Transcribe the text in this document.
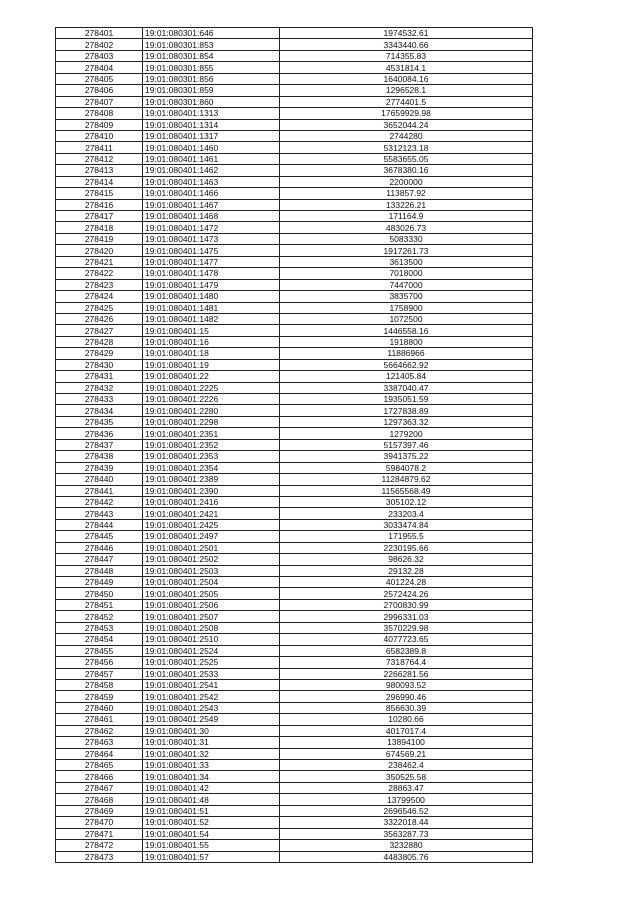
278401	19:01:080301:646	1974532.61
278402	19:01:080301:853	3343440.66
278403	19:01:080301:854	714355.83
278404	19:01:080301:855	4531814.1
278405	19:01:080301:856	1640084.16
278406	19:01:080301:859	1296528.1
278407	19:01:080301:860	2774401.5
278408	19:01:080401:1313	17659929.98
278409	19:01:080401:1314	3652044.24
278410	19:01:080401:1317	2744280
278411	19:01:080401:1460	5312123.18
278412	19:01:080401:1461	5583655.05
278413	19:01:080401:1462	3678380.16
278414	19:01:080401:1463	2200000
278415	19:01:080401:1466	113857.92
278416	19:01:080401:1467	133226.21
278417	19:01:080401:1468	171164.9
278418	19:01:080401:1472	483026.73
278419	19:01:080401:1473	5083330
278420	19:01:080401:1475	1917261.73
278421	19:01:080401:1477	3613500
278422	19:01:080401:1478	7018000
278423	19:01:080401:1479	7447000
278424	19:01:080401:1480	3835700
278425	19:01:080401:1481	1758900
278426	19:01:080401:1482	1072500
278427	19:01:080401:15	1446558.16
278428	19:01:080401:16	1918800
278429	19:01:080401:18	11886966
278430	19:01:080401:19	5664662.92
278431	19:01:080401:22	121405.84
278432	19:01:080401:2225	3387040.47
278433	19:01:080401:2226	1935051.59
278434	19:01:080401:2280	1727838.89
278435	19:01:080401:2298	1297363.32
278436	19:01:080401:2351	1279200
278437	19:01:080401:2352	5157397.46
278438	19:01:080401:2353	3941375.22
278439	19:01:080401:2354	5984078.2
278440	19:01:080401:2389	11284879.62
278441	19:01:080401:2390	11565568.49
278442	19:01:080401:2416	305102.12
278443	19:01:080401:2421	233203.4
278444	19:01:080401:2425	3033474.84
278445	19:01:080401:2497	171955.5
278446	19:01:080401:2501	2230195.66
278447	19:01:080401:2502	98626.32
278448	19:01:080401:2503	29132.28
278449	19:01:080401:2504	401224.28
278450	19:01:080401:2505	2572424.26
278451	19:01:080401:2506	2700830.99
278452	19:01:080401:2507	2996331.03
278453	19:01:080401:2508	3570229.98
278454	19:01:080401:2510	4077723.65
278455	19:01:080401:2524	6582389.8
278456	19:01:080401:2525	7318764.4
278457	19:01:080401:2533	2266281.56
278458	19:01:080401:2541	980093.52
278459	19:01:080401:2542	296990.46
278460	19:01:080401:2543	856630.39
278461	19:01:080401:2549	10280.66
278462	19:01:080401:30	4017017.4
278463	19:01:080401:31	13894100
278464	19:01:080401:32	674569.21
278465	19:01:080401:33	238462.4
278466	19:01:080401:34	350525.58
278467	19:01:080401:42	28863.47
278468	19:01:080401:48	13799500
278469	19:01:080401:51	2696546.52
278470	19:01:080401:52	3322018.44
278471	19:01:080401:54	3563287.73
278472	19:01:080401:55	3232880
278473	19:01:080401:57	4483805.76
